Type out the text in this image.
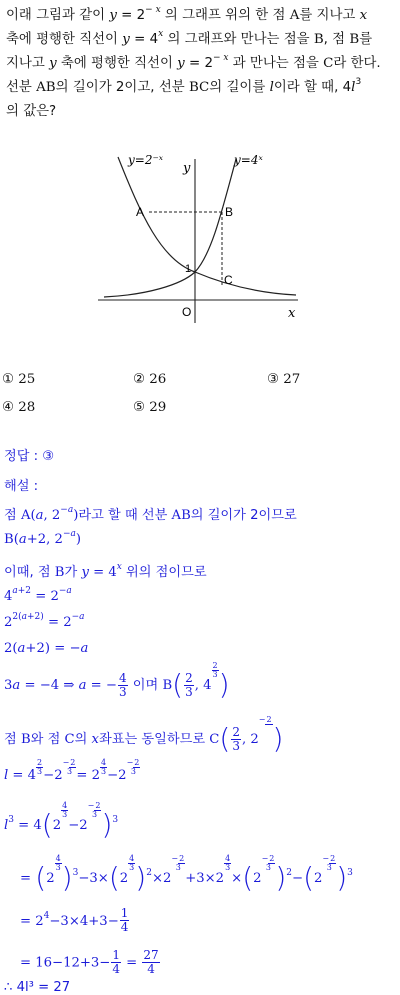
이래 그림과 같이 $y = 2^{- x}$ 의 그래프 위의 한 점 A를 지나고 x
축에 평행한 직선이 $y = 4^x$ 의 그래프와 만나는 점을 B, 점 B를
지나고 y 축에 평행한 직선이 $y = 2^{- x}$ 과 만나는 점을 C라 한다.
선분 AB의 길이가 2이고, 선분 BC의 길이를 l이라 할 때, $4l^3$
의 값은?
y=2⁻ˣ	y=4ˣ
y
x
O
A	B
C
1
① 25	② 26	③ 27
④ 28	⑤ 29
정답 : ③
해설 :
점 A(a, $2^{-a}$)라고 할 때 선분 AB의 길이가 2이므로
B(a+2, $2^{-a}$)
이때, 점 B가 $y = 4^x$ 위의 점이므로
$4^{a+2} = 2^{-a}$
$2^{2(a+2)} = 2^{-a}$
2(a+2) = −a
3a = −4 ⇒ a = − $\frac{4}{3}$ 이며 $B( \frac{2}{3}$ , 4
$\frac{2}{3}$ )
점 B와 점 C의 x좌표는 동일하므로 $C( \frac{2}{3}$ , 2−2)
$l = 4 \frac{2}{3} -2-2$

$3 = 2 \frac{4}{3} -2-2$

3
$l^3 = 4(2$
$\frac{4}{3}$
−2−2

3 )$^3$
= (2
$\frac{4}{3} )^3-3\times(2$
$\frac{4}{3} )^2\times 2-2$

3
+3×2
$\frac{4}{3}$
×(2−2

3 )$^2$−(2−2

3 )$^3$
= $2^4-3\times 4+3- \frac{1}{4}$
= $16-12+3- \frac{1}{4} = \frac{27}{4}$
∴ 4l³ = 27
